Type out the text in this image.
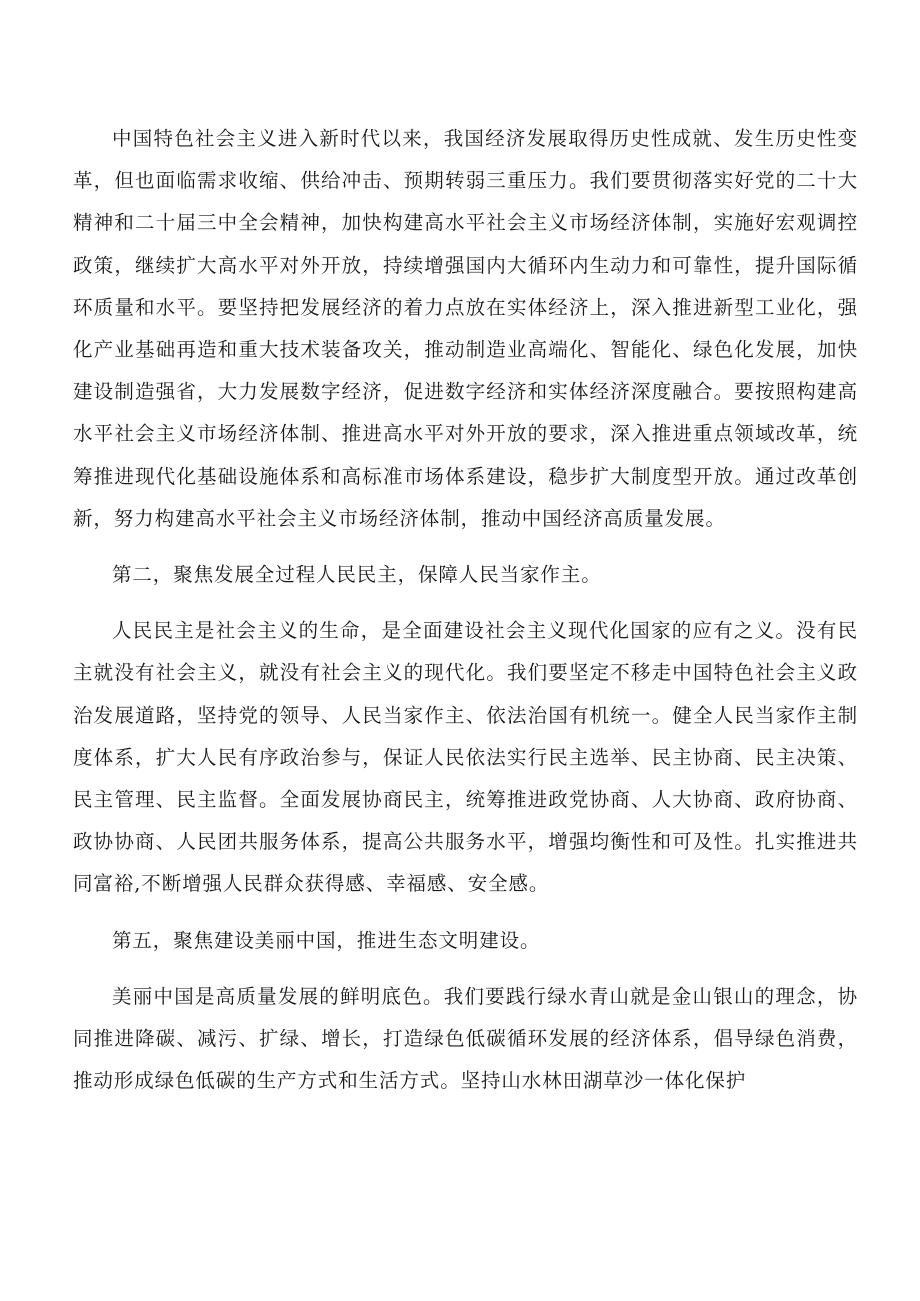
中国特色社会主义进入新时代以来，我国经济发展取得历史性成就、发生历史性变革，但也面临需求收缩、供给冲击、预期转弱三重压力。我们要贯彻落实好党的二十大精神和二十届三中全会精神，加快构建高水平社会主义市场经济体制，实施好宏观调控政策，继续扩大高水平对外开放，持续增强国内大循环内生动力和可靠性，提升国际循环质量和水平。要坚持把发展经济的着力点放在实体经济上，深入推进新型工业化，强化产业基础再造和重大技术装备攻关，推动制造业高端化、智能化、绿色化发展，加快建设制造强省，大力发展数字经济，促进数字经济和实体经济深度融合。要按照构建高水平社会主义市场经济体制、推进高水平对外开放的要求，深入推进重点领域改革，统筹推进现代化基础设施体系和高标准市场体系建设，稳步扩大制度型开放。通过改革创新，努力构建高水平社会主义市场经济体制，推动中国经济高质量发展。

第二，聚焦发展全过程人民民主，保障人民当家作主。

人民民主是社会主义的生命，是全面建设社会主义现代化国家的应有之义。没有民主就没有社会主义，就没有社会主义的现代化。我们要坚定不移走中国特色社会主义政治发展道路，坚持党的领导、人民当家作主、依法治国有机统一。健全人民当家作主制度体系，扩大人民有序政治参与，保证人民依法实行民主选举、民主协商、民主决策、民主管理、民主监督。全面发展协商民主，统筹推进政党协商、人大协商、政府协商、政协协商、人民团共服务体系，提高公共服务水平，增强均衡性和可及性。扎实推进共同富裕,不断增强人民群众获得感、幸福感、安全感。

第五，聚焦建设美丽中国，推进生态文明建设。

美丽中国是高质量发展的鲜明底色。我们要践行绿水青山就是金山银山的理念，协同推进降碳、减污、扩绿、增长，打造绿色低碳循环发展的经济体系，倡导绿色消费，推动形成绿色低碳的生产方式和生活方式。坚持山水林田湖草沙一体化保护
